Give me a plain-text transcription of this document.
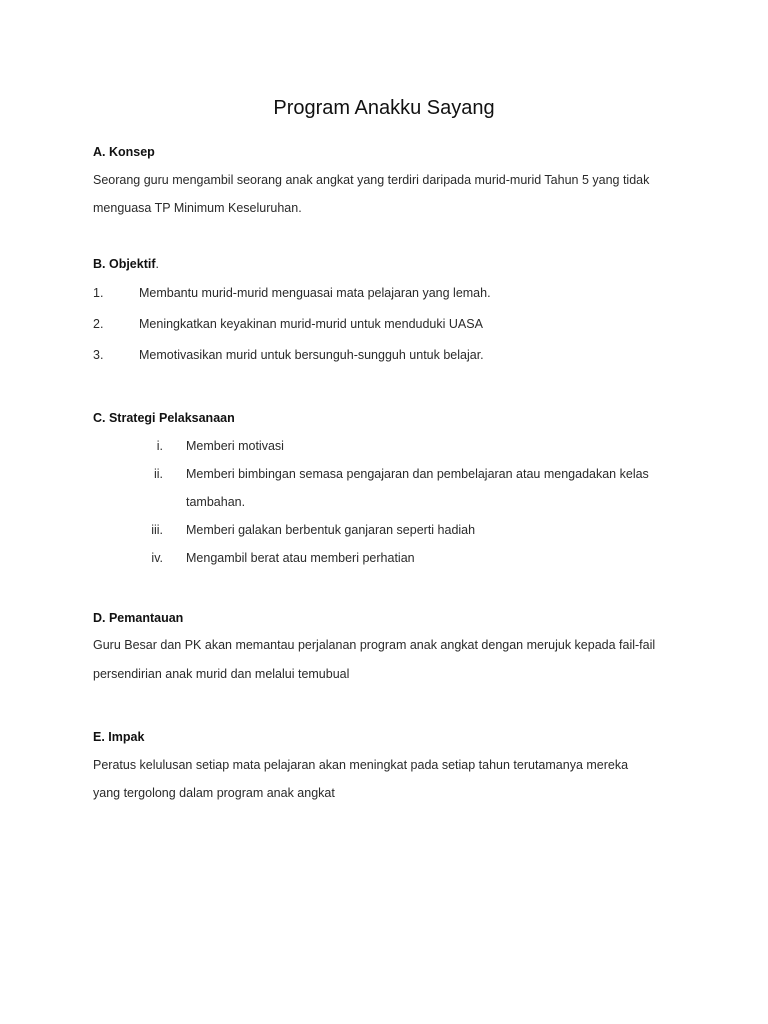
Program Anakku Sayang
A. Konsep
Seorang guru mengambil seorang anak angkat yang terdiri daripada murid-murid Tahun 5 yang tidak
menguasa TP Minimum Keseluruhan.
B. Objektif.
1.	Membantu murid-murid menguasai mata pelajaran yang lemah.
2.	Meningkatkan keyakinan murid-murid untuk menduduki UASA
3.	Memotivasikan murid untuk bersunguh-sungguh untuk belajar.
C. Strategi Pelaksanaan
i. Memberi motivasi
ii. Memberi bimbingan semasa pengajaran dan pembelajaran atau mengadakan kelas
tambahan.
iii. Memberi galakan berbentuk ganjaran seperti hadiah
iv. Mengambil berat atau memberi perhatian
D. Pemantauan
Guru Besar dan PK akan memantau perjalanan program anak angkat dengan merujuk kepada fail-fail
persendirian anak murid dan melalui temubual
E. Impak
Peratus kelulusan setiap mata pelajaran akan meningkat pada setiap tahun terutamanya mereka
yang tergolong dalam program anak angkat
